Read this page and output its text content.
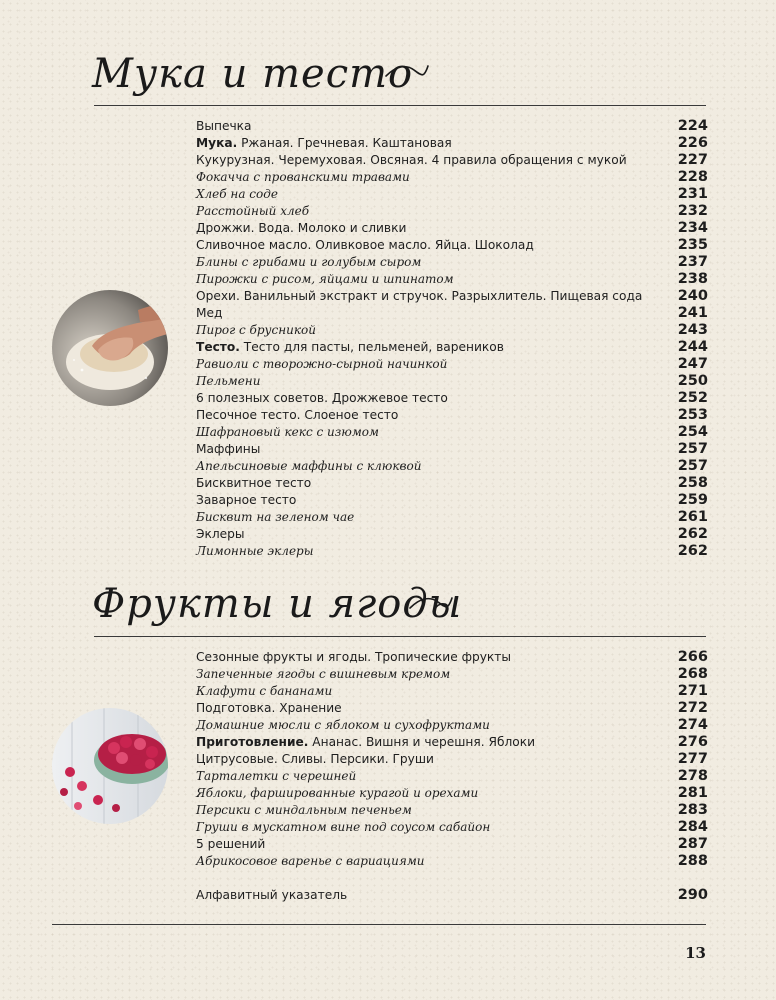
Мука и тесто
Выпечка	224
Мука. Ржаная. Гречневая. Каштановая	226
Кукурузная. Черемуховая. Овсяная. 4 правила обращения с мукой	227
Фокачча с прованскими травами	228
Хлеб на соде	231
Расстойный хлеб	232
Дрожжи. Вода. Молоко и сливки	234
Сливочное масло. Оливковое масло. Яйца. Шоколад	235
Блины с грибами и голубым сыром	237
Пирожки с рисом, яйцами и шпинатом	238
Орехи. Ванильный экстракт и стручок. Разрыхлитель. Пищевая сода 240
Мед	241
Пирог с брусникой	243
Тесто. Тесто для пасты, пельменей, вареников	244
Равиоли с творожно-сырной начинкой	247
Пельмени	250
6 полезных советов. Дрожжевое тесто	252
Песочное тесто. Слоеное тесто	253
Шафрановый кекс с изюмом	254
Маффины	257
Апельсиновые маффины с клюквой	257
Бисквитное тесто	258
Заварное тесто	259
Бисквит на зеленом чае	261
Эклеры	262
Лимонные эклеры	262
Фрукты и ягоды
Сезонные фрукты и ягоды. Тропические фрукты	266
Запеченные ягоды с вишневым кремом	268
Клафути с бананами	271
Подготовка. Хранение	272
Домашние мюсли с яблоком и сухофруктами	274
Приготовление. Ананас. Вишня и черешня. Яблоки	276
Цитрусовые. Сливы. Персики. Груши	277
Тарталетки с черешней	278
Яблоки, фаршированные курагой и орехами	281
Персики с миндальным печеньем	283
Груши в мускатном вине под соусом сабайон	284
5 решений	287
Абрикосовое варенье с вариациями	288
Алфавитный указатель	290
13
